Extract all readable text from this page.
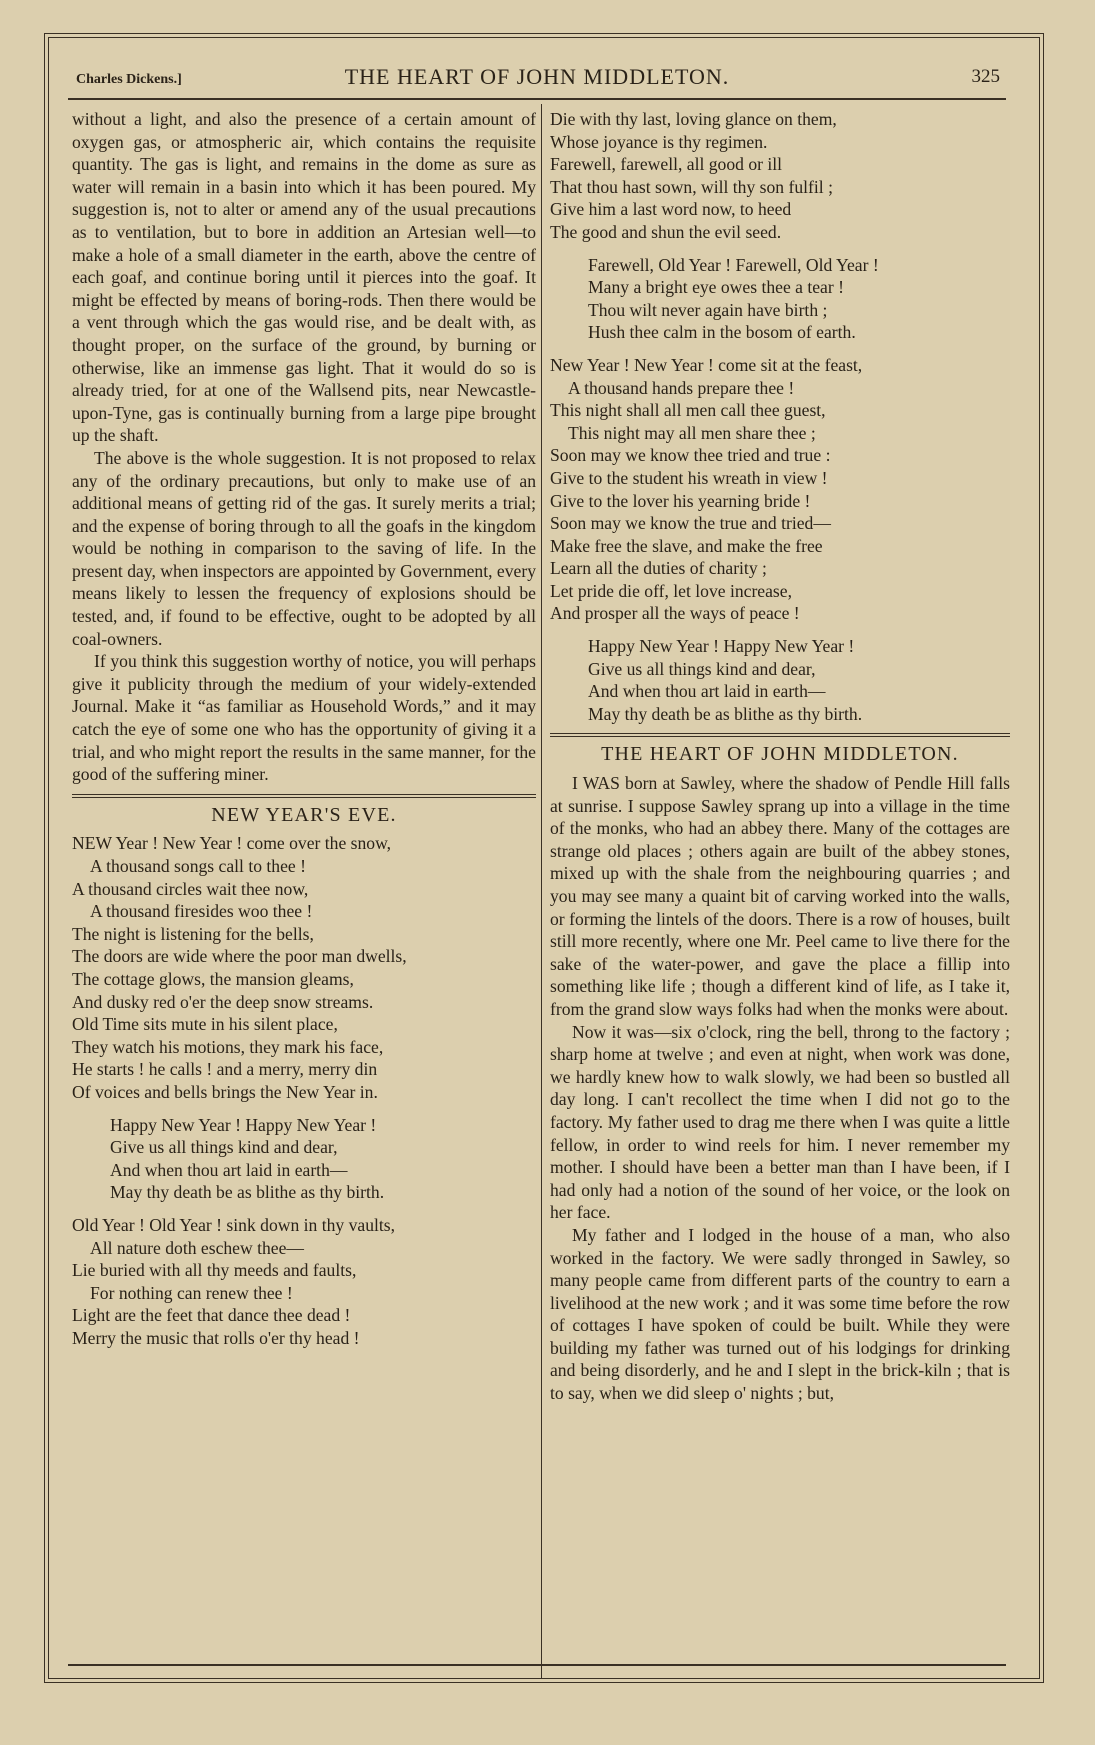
Charles Dickens.]	THE HEART OF JOHN MIDDLETON.	325

without a light, and also the presence of a certain amount of oxygen gas, or atmospheric air, which contains the requisite quantity. The gas is light, and remains in the dome as sure as water will remain in a basin into which it has been poured. My suggestion is, not to alter or amend any of the usual precautions as to ventilation, but to bore in addition an Artesian well—to make a hole of a small diameter in the earth, above the centre of each goaf, and continue boring until it pierces into the goaf. It might be effected by means of boring-rods. Then there would be a vent through which the gas would rise, and be dealt with, as thought proper, on the surface of the ground, by burning or otherwise, like an immense gas light. That it would do so is already tried, for at one of the Wallsend pits, near Newcastle-upon-Tyne, gas is continually burning from a large pipe brought up the shaft.

The above is the whole suggestion. It is not proposed to relax any of the ordinary precautions, but only to make use of an additional means of getting rid of the gas. It surely merits a trial; and the expense of boring through to all the goafs in the kingdom would be nothing in comparison to the saving of life. In the present day, when inspectors are appointed by Government, every means likely to lessen the frequency of explosions should be tested, and, if found to be effective, ought to be adopted by all coal-owners.

If you think this suggestion worthy of notice, you will perhaps give it publicity through the medium of your widely-extended Journal. Make it “as familiar as Household Words,” and it may catch the eye of some one who has the opportunity of giving it a trial, and who might report the results in the same manner, for the good of the suffering miner.

NEW YEAR'S EVE.
NEW Year ! New Year ! come over the snow,
A thousand songs call to thee !
A thousand circles wait thee now,
A thousand firesides woo thee !
The night is listening for the bells,
The doors are wide where the poor man dwells,
The cottage glows, the mansion gleams,
And dusky red o'er the deep snow streams.
Old Time sits mute in his silent place,
They watch his motions, they mark his face,
He starts ! he calls ! and a merry, merry din
Of voices and bells brings the New Year in.
Happy New Year ! Happy New Year !
Give us all things kind and dear,
And when thou art laid in earth—
May thy death be as blithe as thy birth.
Old Year ! Old Year ! sink down in thy vaults,
All nature doth eschew thee—
Lie buried with all thy meeds and faults,
For nothing can renew thee !
Light are the feet that dance thee dead !
Merry the music that rolls o'er thy head !
Die with thy last, loving glance on them,
Whose joyance is thy regimen.
Farewell, farewell, all good or ill
That thou hast sown, will thy son fulfil ;
Give him a last word now, to heed
The good and shun the evil seed.
Farewell, Old Year ! Farewell, Old Year !
Many a bright eye owes thee a tear !
Thou wilt never again have birth ;
Hush thee calm in the bosom of earth.
New Year ! New Year ! come sit at the feast,
A thousand hands prepare thee !
This night shall all men call thee guest,
This night may all men share thee ;
Soon may we know thee tried and true :
Give to the student his wreath in view !
Give to the lover his yearning bride !
Soon may we know the true and tried—
Make free the slave, and make the free
Learn all the duties of charity ;
Let pride die off, let love increase,
And prosper all the ways of peace !
Happy New Year ! Happy New Year !
Give us all things kind and dear,
And when thou art laid in earth—
May thy death be as blithe as thy birth.
THE HEART OF JOHN MIDDLETON.

I WAS born at Sawley, where the shadow of Pendle Hill falls at sunrise. I suppose Sawley sprang up into a village in the time of the monks, who had an abbey there. Many of the cottages are strange old places ; others again are built of the abbey stones, mixed up with the shale from the neighbouring quarries ; and you may see many a quaint bit of carving worked into the walls, or forming the lintels of the doors. There is a row of houses, built still more recently, where one Mr. Peel came to live there for the sake of the water-power, and gave the place a fillip into something like life ; though a different kind of life, as I take it, from the grand slow ways folks had when the monks were about.

Now it was—six o'clock, ring the bell, throng to the factory ; sharp home at twelve ; and even at night, when work was done, we hardly knew how to walk slowly, we had been so bustled all day long. I can't recollect the time when I did not go to the factory. My father used to drag me there when I was quite a little fellow, in order to wind reels for him. I never remember my mother. I should have been a better man than I have been, if I had only had a notion of the sound of her voice, or the look on her face.

My father and I lodged in the house of a man, who also worked in the factory. We were sadly thronged in Sawley, so many people came from different parts of the country to earn a livelihood at the new work ; and it was some time before the row of cottages I have spoken of could be built. While they were building my father was turned out of his lodgings for drinking and being disorderly, and he and I slept in the brick-kiln ; that is to say, when we did sleep o' nights ; but,
